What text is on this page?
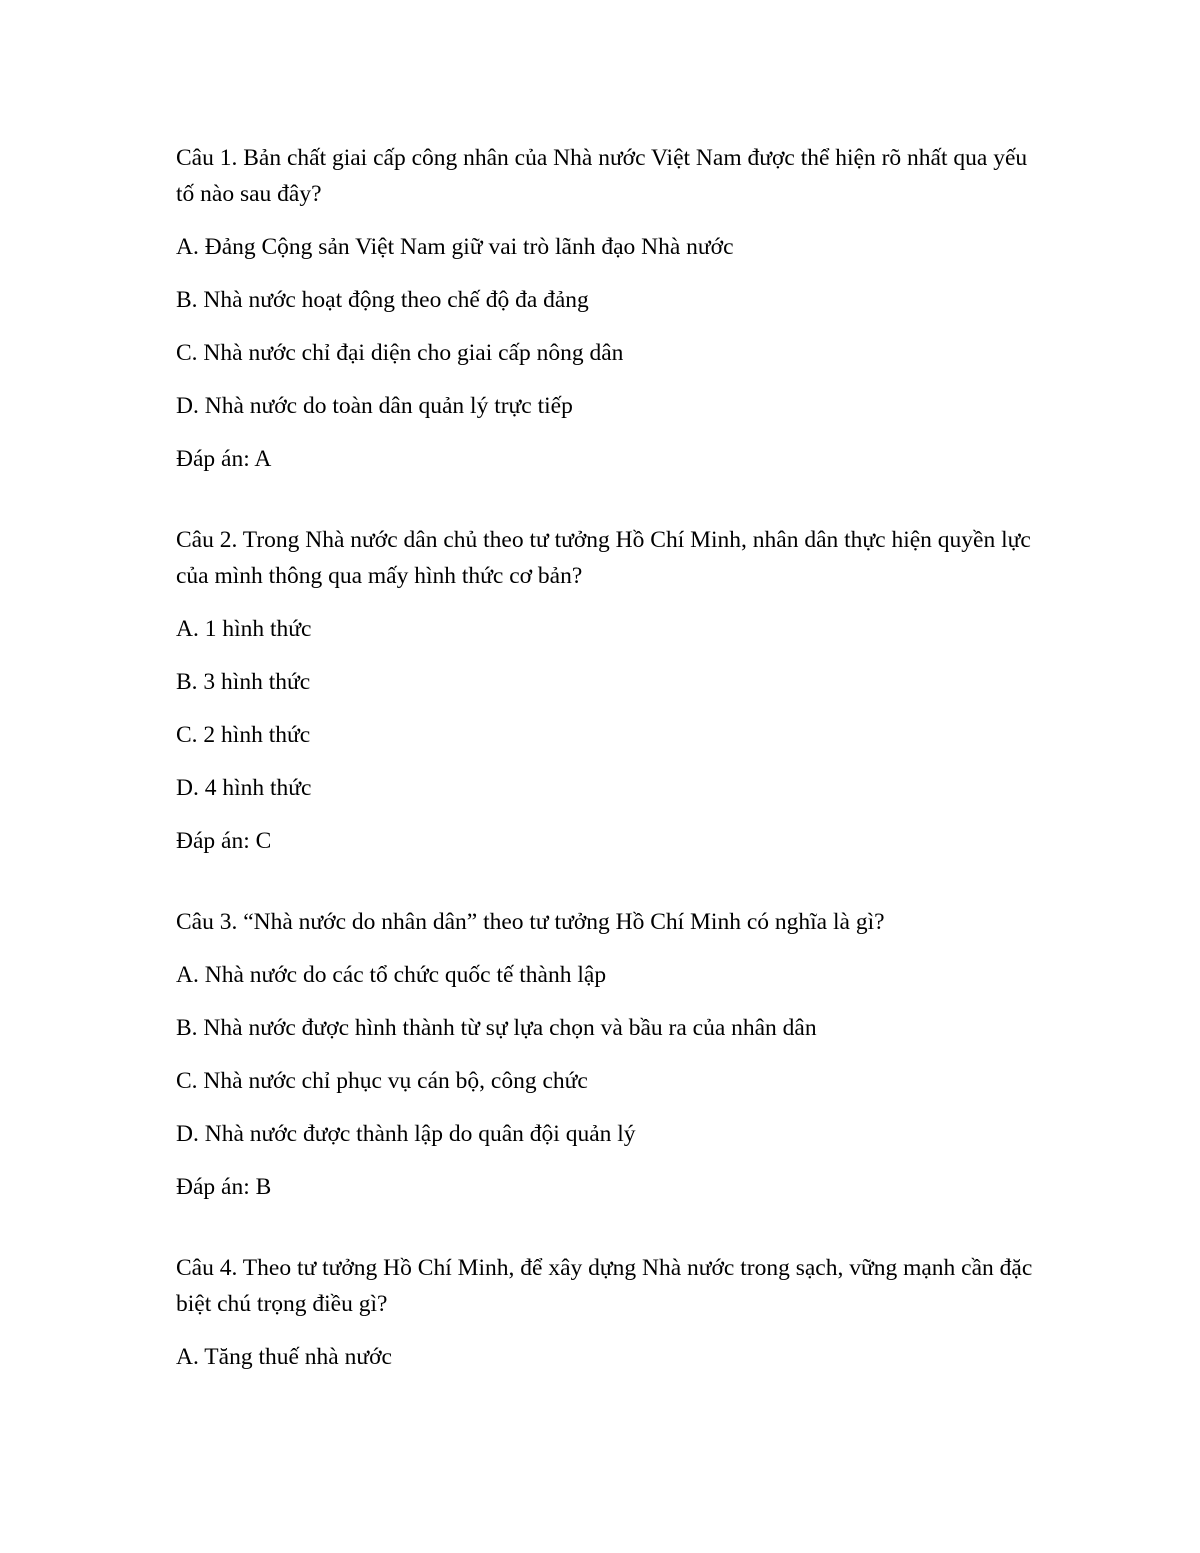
Câu 1. Bản chất giai cấp công nhân của Nhà nước Việt Nam được thể hiện rõ nhất qua yếu tố nào sau đây?

A. Đảng Cộng sản Việt Nam giữ vai trò lãnh đạo Nhà nước

B. Nhà nước hoạt động theo chế độ đa đảng

C. Nhà nước chỉ đại diện cho giai cấp nông dân

D. Nhà nước do toàn dân quản lý trực tiếp

Đáp án: A

Câu 2. Trong Nhà nước dân chủ theo tư tưởng Hồ Chí Minh, nhân dân thực hiện quyền lực của mình thông qua mấy hình thức cơ bản?

A. 1 hình thức

B. 3 hình thức

C. 2 hình thức

D. 4 hình thức

Đáp án: C

Câu 3. “Nhà nước do nhân dân” theo tư tưởng Hồ Chí Minh có nghĩa là gì?

A. Nhà nước do các tổ chức quốc tế thành lập

B. Nhà nước được hình thành từ sự lựa chọn và bầu ra của nhân dân

C. Nhà nước chỉ phục vụ cán bộ, công chức

D. Nhà nước được thành lập do quân đội quản lý

Đáp án: B

Câu 4. Theo tư tưởng Hồ Chí Minh, để xây dựng Nhà nước trong sạch, vững mạnh cần đặc biệt chú trọng điều gì?

A. Tăng thuế nhà nước
